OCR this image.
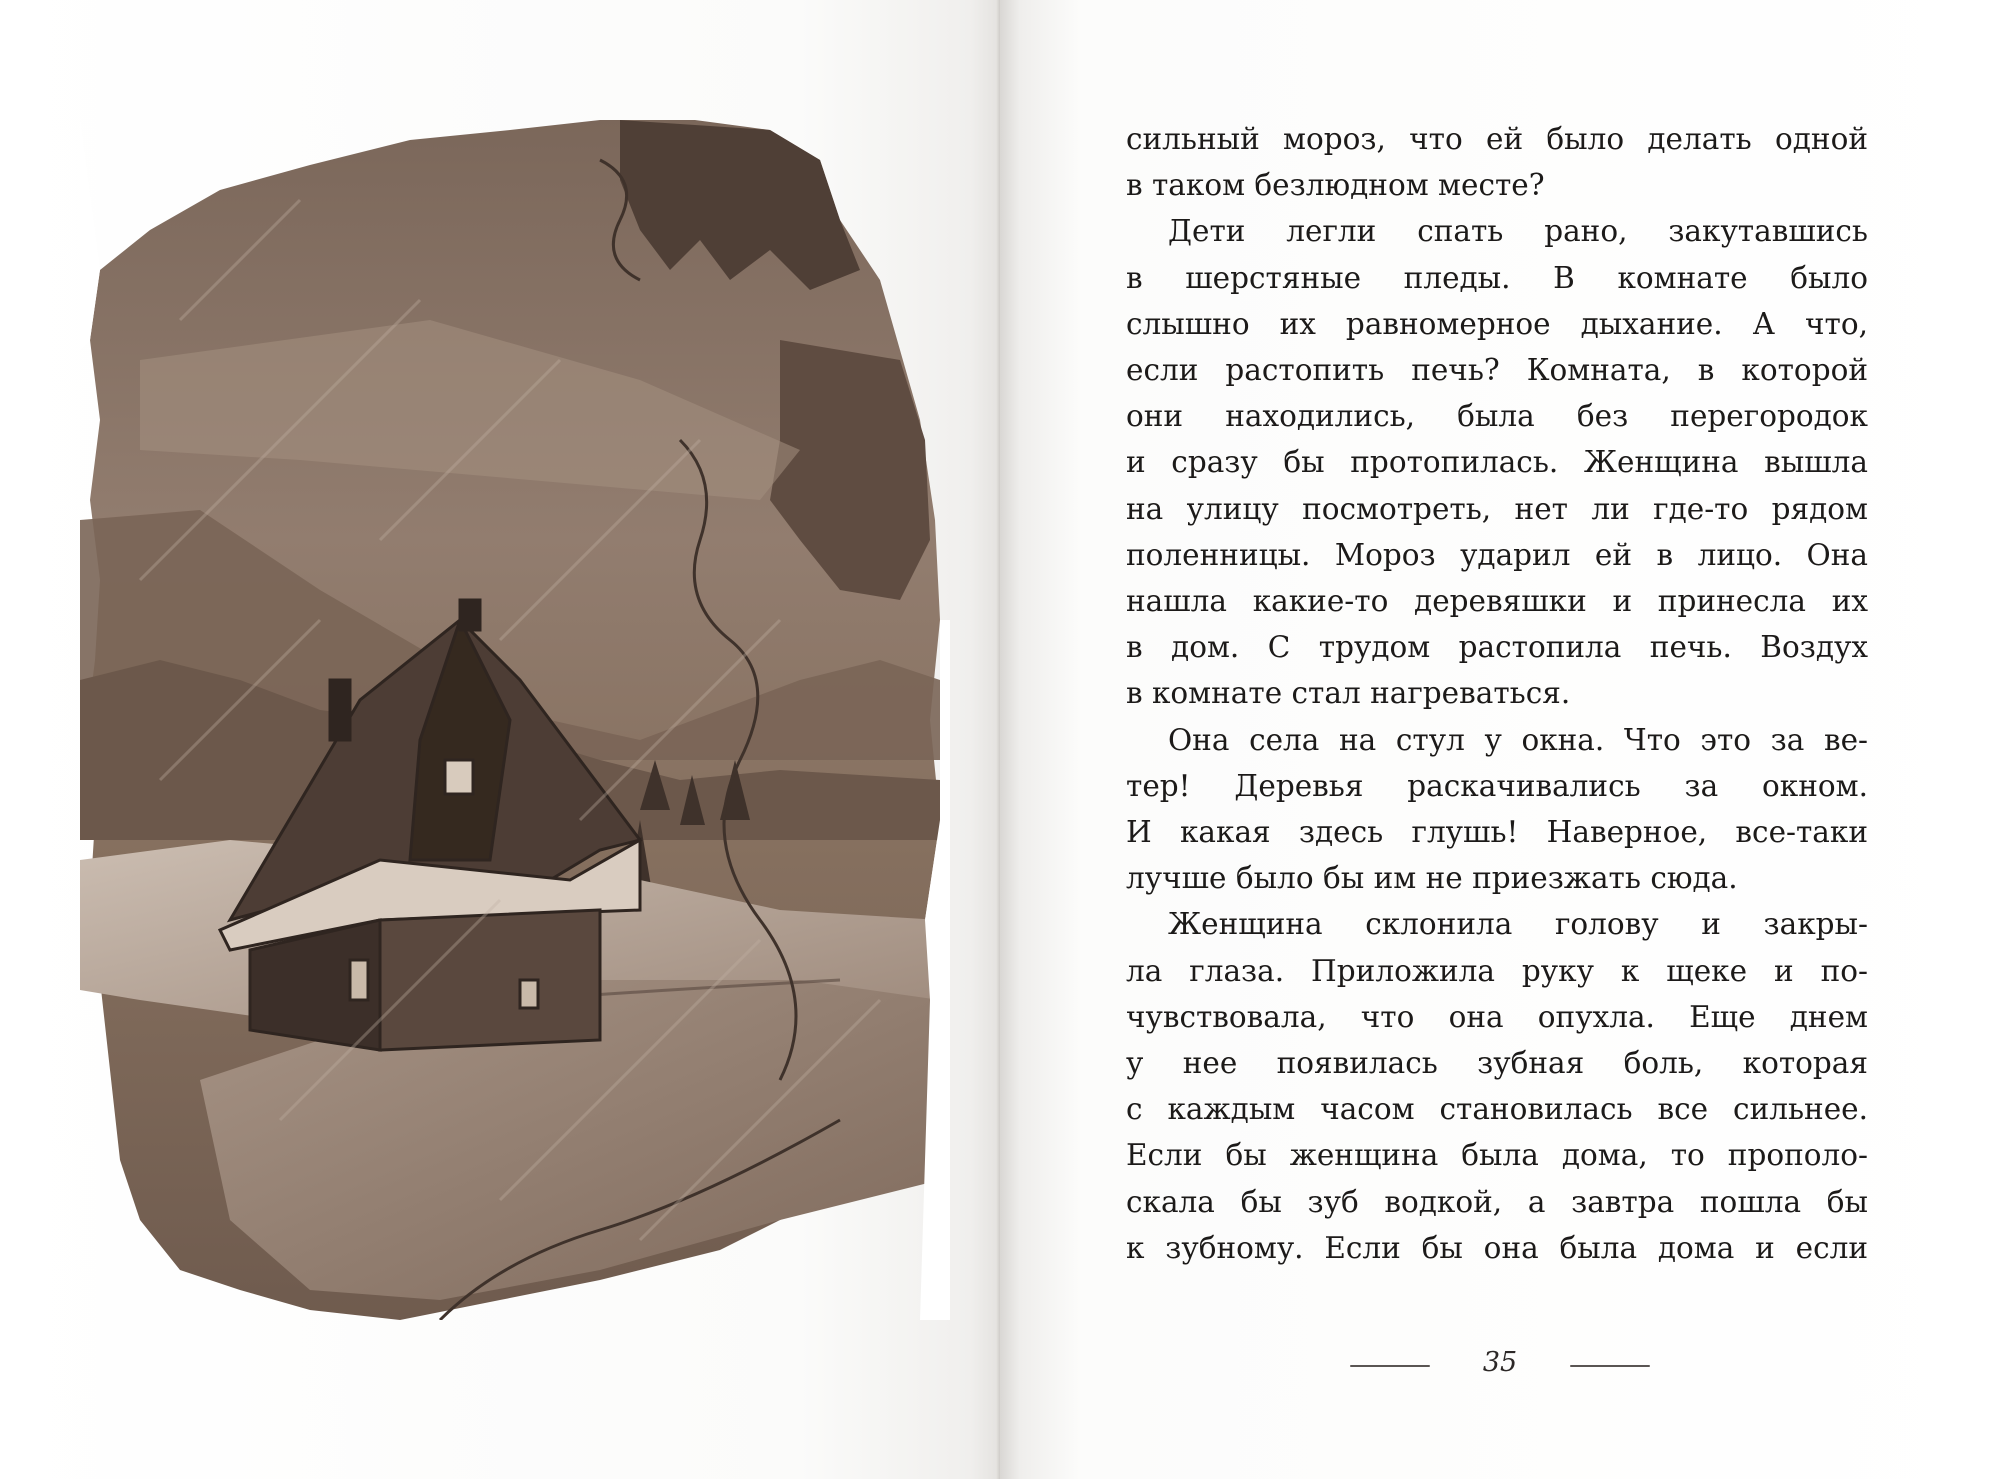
сильный мороз, что ей было делать одной
в таком безлюдном месте?
Дети легли спать рано, закутавшись
в шерстяные пледы. В комнате было
слышно их равномерное дыхание. А что,
если растопить печь? Комната, в которой
они находились, была без перегородок
и сразу бы протопилась. Женщина вышла
на улицу посмотреть, нет ли где-то рядом
поленницы. Мороз ударил ей в лицо. Она
нашла какие-то деревяшки и принесла их
в дом. С трудом растопила печь. Воздух
в комнате стал нагреваться.
Она села на стул у окна. Что это за ве-
тер! Деревья раскачивались за окном.
И какая здесь глушь! Наверное, все-таки
лучше было бы им не приезжать сюда.
Женщина склонила голову и закры-
ла глаза. Приложила руку к щеке и по-
чувствовала, что она опухла. Еще днем
у нее появилась зубная боль, которая
с каждым часом становилась все сильнее.
Если бы женщина была дома, то прополо-
скала бы зуб водкой, а завтра пошла бы
к зубному. Если бы она была дома и если
35
